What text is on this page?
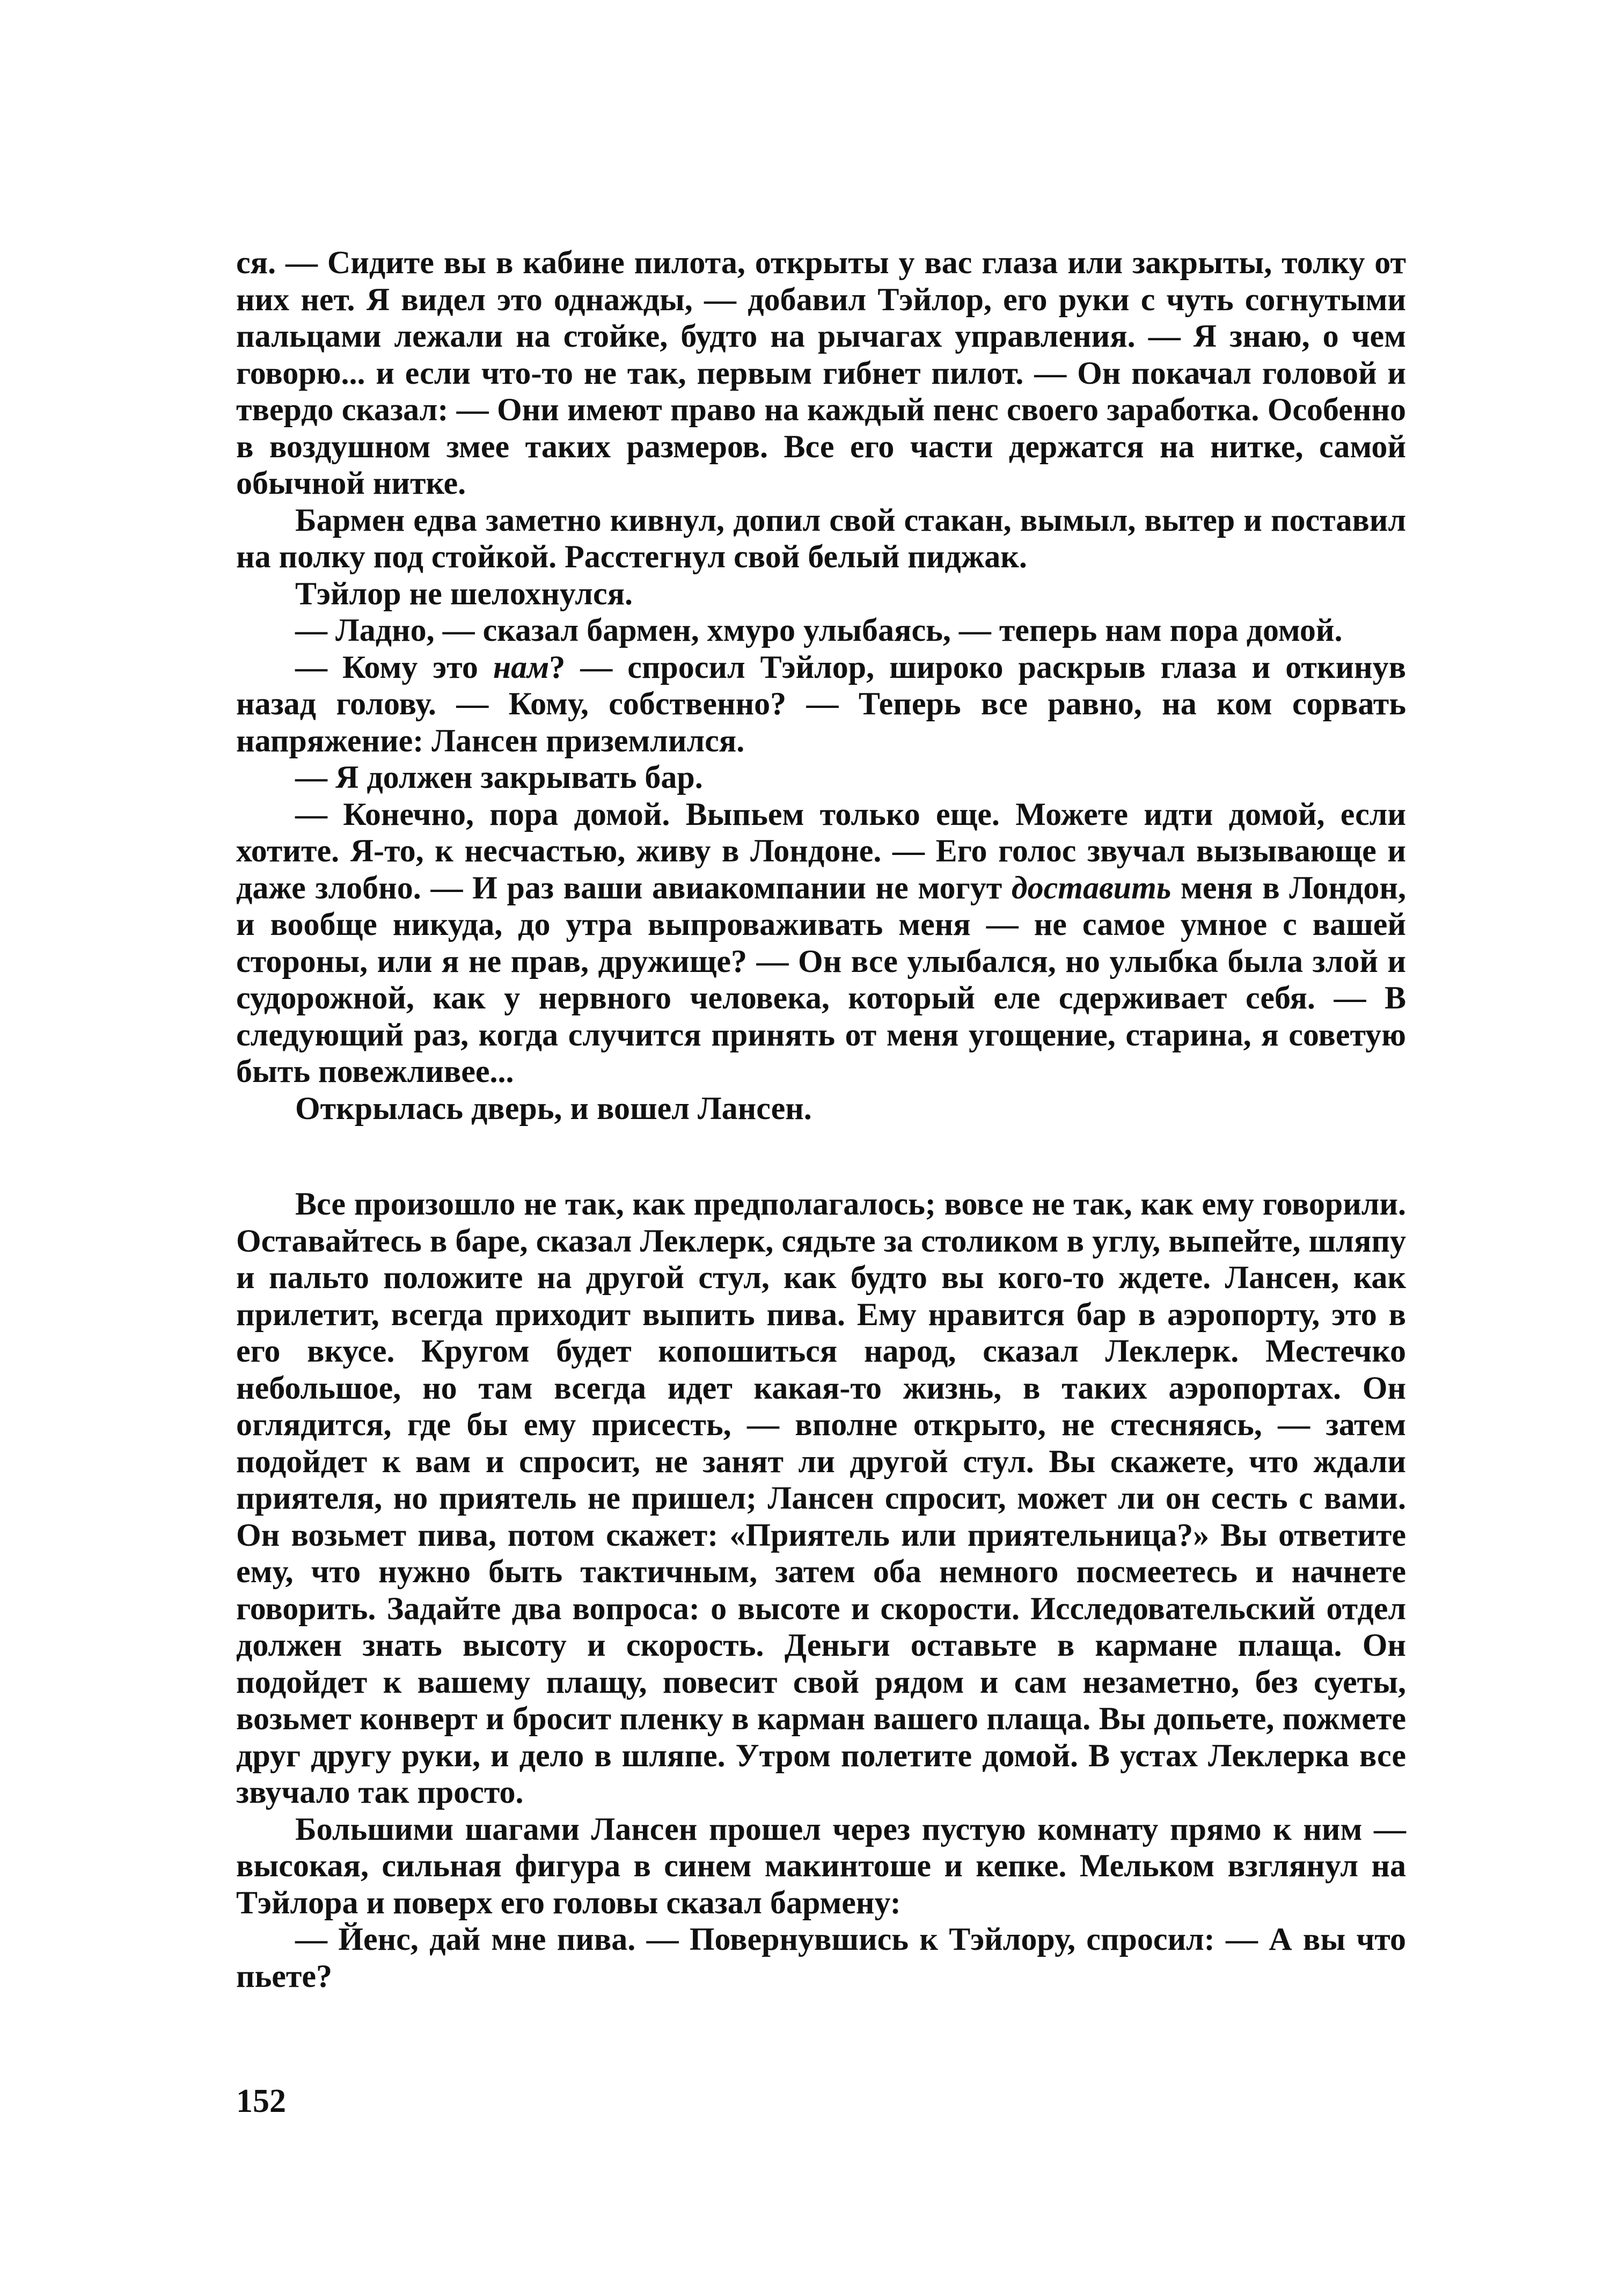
ся. — Сидите вы в кабине пилота, открыты у вас глаза или закрыты, толку от них нет. Я видел это однажды, — добавил Тэйлор, его руки с чуть согнутыми пальцами лежали на стойке, будто на рычагах управления. — Я знаю, о чем говорю... и если что-то не так, первым гибнет пилот. — Он покачал головой и твердо сказал: — Они имеют право на каждый пенс своего заработка. Особенно в воздушном змее таких размеров. Все его части держатся на нитке, самой обычной нитке.

Бармен едва заметно кивнул, допил свой стакан, вымыл, вытер и поставил на полку под стойкой. Расстегнул свой белый пиджак.

Тэйлор не шелохнулся.

— Ладно, — сказал бармен, хмуро улыбаясь, — теперь нам пора домой.

— Кому это нам? — спросил Тэйлор, широко раскрыв глаза и откинув назад голову. — Кому, собственно? — Теперь все равно, на ком сорвать напряжение: Лансен приземлился.

— Я должен закрывать бар.

— Конечно, пора домой. Выпьем только еще. Можете идти домой, если хотите. Я-то, к несчастью, живу в Лондоне. — Его голос звучал вызывающе и даже злобно. — И раз ваши авиакомпании не могут доставить меня в Лондон, и вообще никуда, до утра выпроваживать меня — не самое умное с вашей стороны, или я не прав, дружище? — Он все улыбался, но улыбка была злой и судорожной, как у нервного человека, который еле сдерживает себя. — В следующий раз, когда случится принять от меня угощение, старина, я советую быть повежливее...

Открылась дверь, и вошел Лансен.

Все произошло не так, как предполагалось; вовсе не так, как ему говорили. Оставайтесь в баре, сказал Леклерк, сядьте за столиком в углу, выпейте, шляпу и пальто положите на другой стул, как будто вы кого-то ждете. Лансен, как прилетит, всегда приходит выпить пива. Ему нравится бар в аэропорту, это в его вкусе. Кругом будет копошиться народ, сказал Леклерк. Местечко небольшое, но там всегда идет какая-то жизнь, в таких аэропортах. Он оглядится, где бы ему присесть, — вполне открыто, не стесняясь, — затем подойдет к вам и спросит, не занят ли другой стул. Вы скажете, что ждали приятеля, но приятель не пришел; Лансен спросит, может ли он сесть с вами. Он возьмет пива, потом скажет: «Приятель или приятельница?» Вы ответите ему, что нужно быть тактичным, затем оба немного посмеетесь и начнете говорить. Задайте два вопроса: о высоте и скорости. Исследовательский отдел должен знать высоту и скорость. Деньги оставьте в кармане плаща. Он подойдет к вашему плащу, повесит свой рядом и сам незаметно, без суеты, возьмет конверт и бросит пленку в карман вашего плаща. Вы допьете, пожмете друг другу руки, и дело в шляпе. Утром полетите домой. В устах Леклерка все звучало так просто.

Большими шагами Лансен прошел через пустую комнату прямо к ним — высокая, сильная фигура в синем макинтоше и кепке. Мельком взглянул на Тэйлора и поверх его головы сказал бармену:

— Йенс, дай мне пива. — Повернувшись к Тэйлору, спросил: — А вы что пьете?

152
